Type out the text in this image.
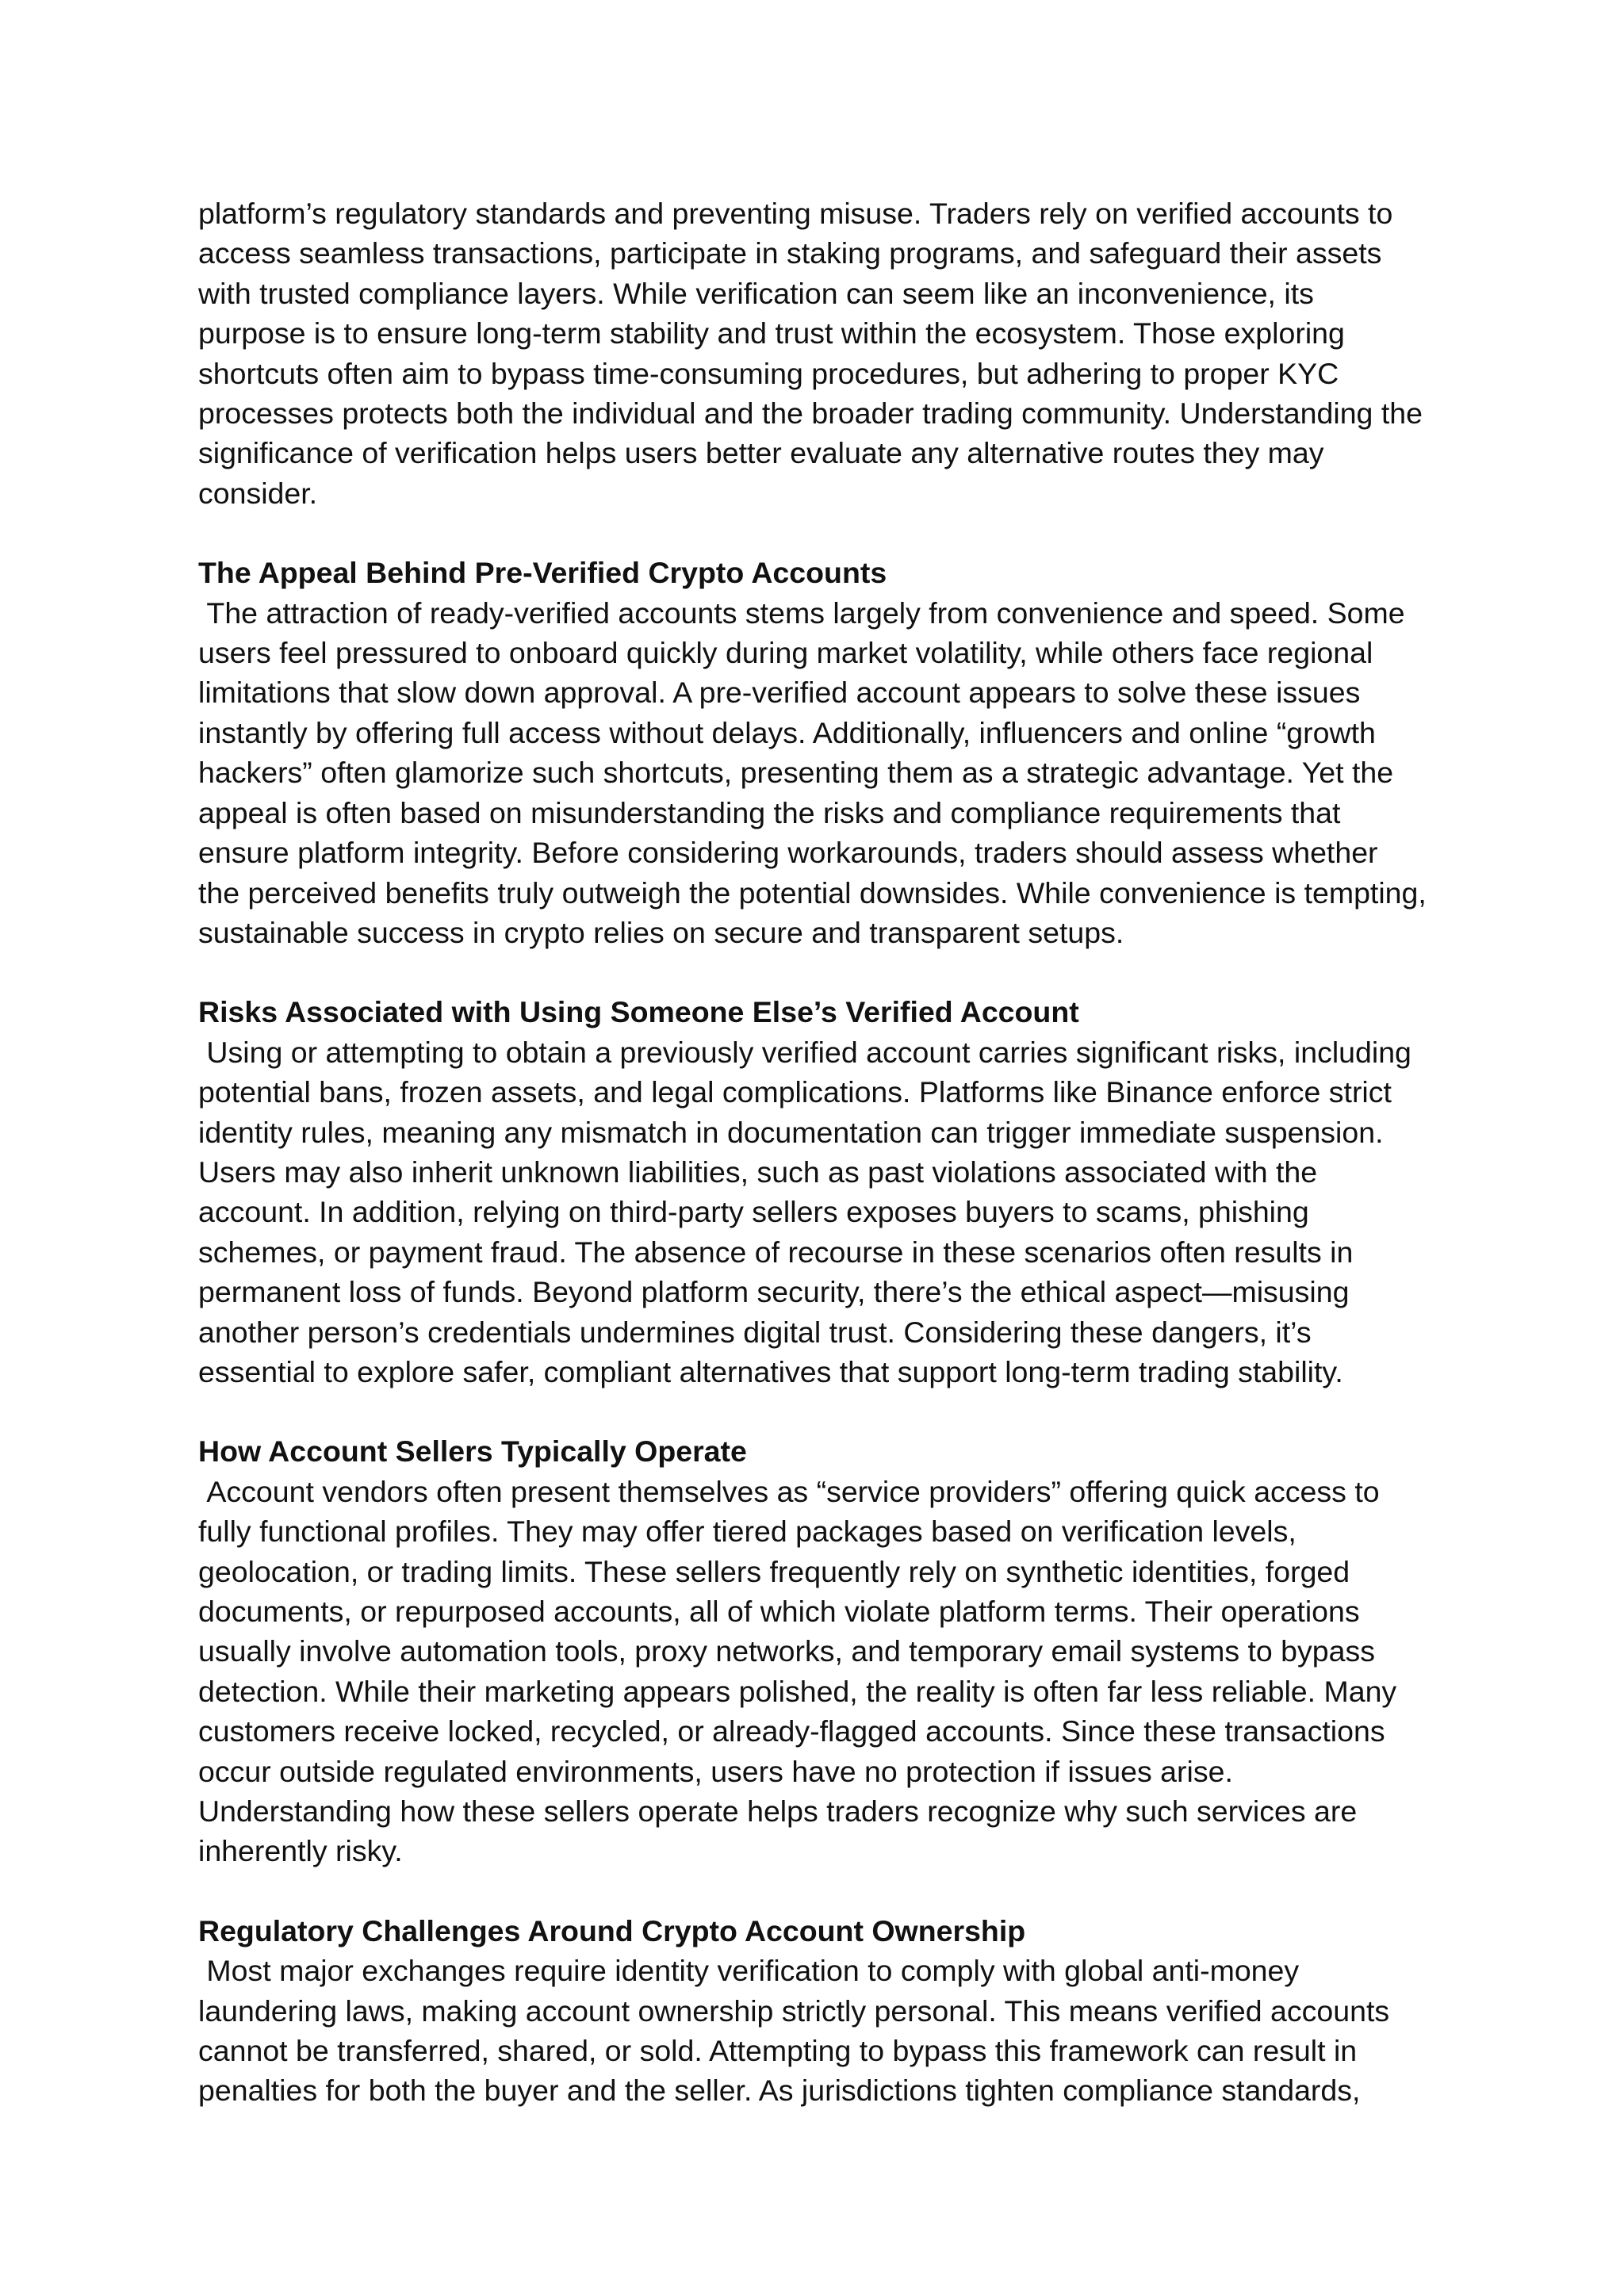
platform’s regulatory standards and preventing misuse. Traders rely on verified accounts to access seamless transactions, participate in staking programs, and safeguard their assets with trusted compliance layers. While verification can seem like an inconvenience, its purpose is to ensure long-term stability and trust within the ecosystem. Those exploring shortcuts often aim to bypass time-consuming procedures, but adhering to proper KYC processes protects both the individual and the broader trading community. Understanding the significance of verification helps users better evaluate any alternative routes they may consider.

The Appeal Behind Pre-Verified Crypto Accounts

The attraction of ready-verified accounts stems largely from convenience and speed. Some users feel pressured to onboard quickly during market volatility, while others face regional limitations that slow down approval. A pre-verified account appears to solve these issues instantly by offering full access without delays. Additionally, influencers and online “growth hackers” often glamorize such shortcuts, presenting them as a strategic advantage. Yet the appeal is often based on misunderstanding the risks and compliance requirements that ensure platform integrity. Before considering workarounds, traders should assess whether the perceived benefits truly outweigh the potential downsides. While convenience is tempting, sustainable success in crypto relies on secure and transparent setups.

Risks Associated with Using Someone Else’s Verified Account

Using or attempting to obtain a previously verified account carries significant risks, including potential bans, frozen assets, and legal complications. Platforms like Binance enforce strict identity rules, meaning any mismatch in documentation can trigger immediate suspension. Users may also inherit unknown liabilities, such as past violations associated with the account. In addition, relying on third-party sellers exposes buyers to scams, phishing schemes, or payment fraud. The absence of recourse in these scenarios often results in permanent loss of funds. Beyond platform security, there’s the ethical aspect—misusing another person’s credentials undermines digital trust. Considering these dangers, it’s essential to explore safer, compliant alternatives that support long-term trading stability.

How Account Sellers Typically Operate

Account vendors often present themselves as “service providers” offering quick access to fully functional profiles. They may offer tiered packages based on verification levels, geolocation, or trading limits. These sellers frequently rely on synthetic identities, forged documents, or repurposed accounts, all of which violate platform terms. Their operations usually involve automation tools, proxy networks, and temporary email systems to bypass detection. While their marketing appears polished, the reality is often far less reliable. Many customers receive locked, recycled, or already-flagged accounts. Since these transactions occur outside regulated environments, users have no protection if issues arise. Understanding how these sellers operate helps traders recognize why such services are inherently risky.

Regulatory Challenges Around Crypto Account Ownership

Most major exchanges require identity verification to comply with global anti-money laundering laws, making account ownership strictly personal. This means verified accounts cannot be transferred, shared, or sold. Attempting to bypass this framework can result in penalties for both the buyer and the seller. As jurisdictions tighten compliance standards,
